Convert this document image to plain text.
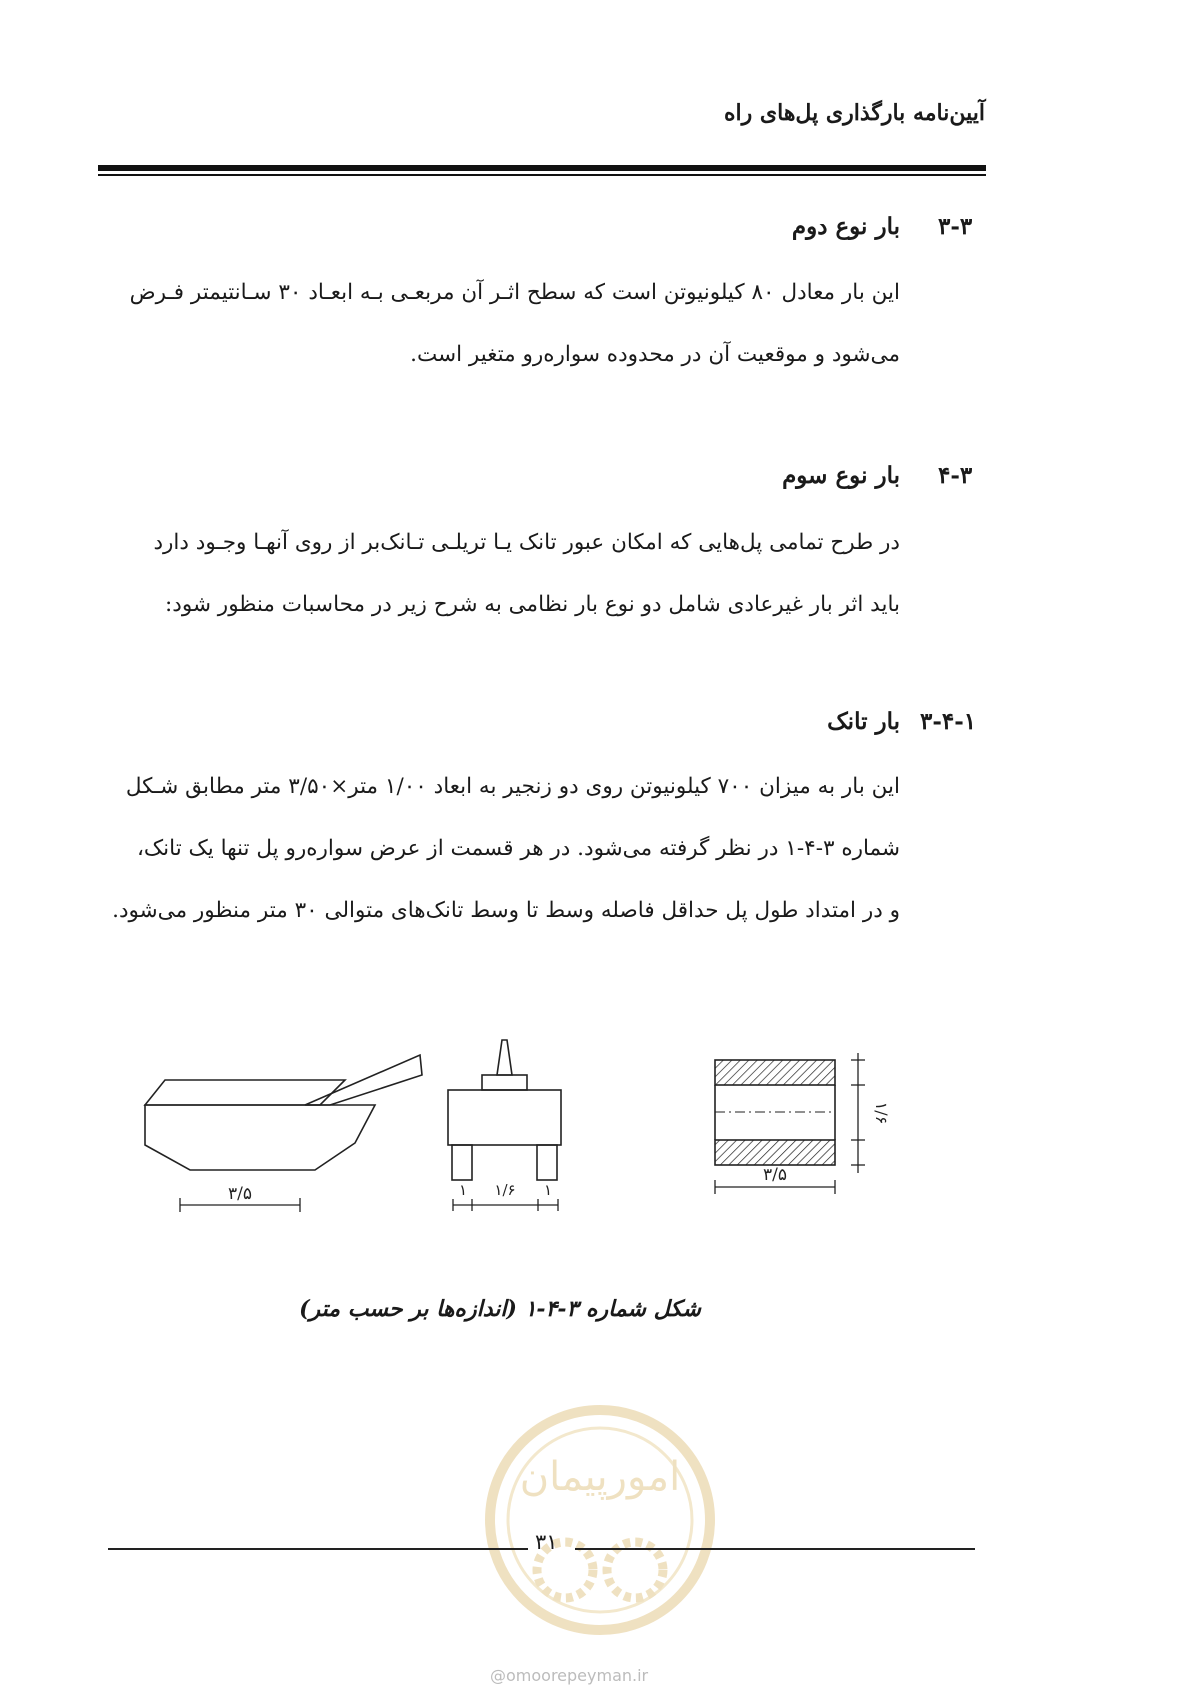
آیین‌نامه بارگذاری پل‌های راه
۳-۳
بار نوع دوم

این بار معادل ۸۰ کیلونیوتن است که سطح اثـر آن مربعـی بـه ابعـاد ۳۰ سـانتیمتر فـرض

می‌شود و موقعیت آن در محدوده سواره‌رو متغیر است.

۴-۳
بار نوع سوم

در طرح تمامی پل‌هایی که امکان عبور تانک یـا تریلـی تـانک‌بر از روی آنهـا وجـود دارد

باید اثر بار غیرعادی شامل دو نوع بار نظامی به شرح زیر در محاسبات منظور شود:

۳-۴-۱
بار تانک

این بار به میزان ۷۰۰ کیلونیوتن روی دو زنجیر به ابعاد ۱/۰۰ متر×۳/۵۰ متر مطابق شـکل

شماره ۳-۴-۱ در نظر گرفته می‌شود. در هر قسمت از عرض سواره‌رو پل تنها یک تانک،

و در امتداد طول پل حداقل فاصله وسط تا وسط تانک‌های متوالی ۳۰ متر منظور می‌شود.

۳/۵	۱ ۱/۶ ۱
۳/۵
۱/۶
شکل شماره ۳-۴-۱ (اندازه‌ها بر حسب متر)
امورپیمان
۳۱
@omoorepeyman.ir
